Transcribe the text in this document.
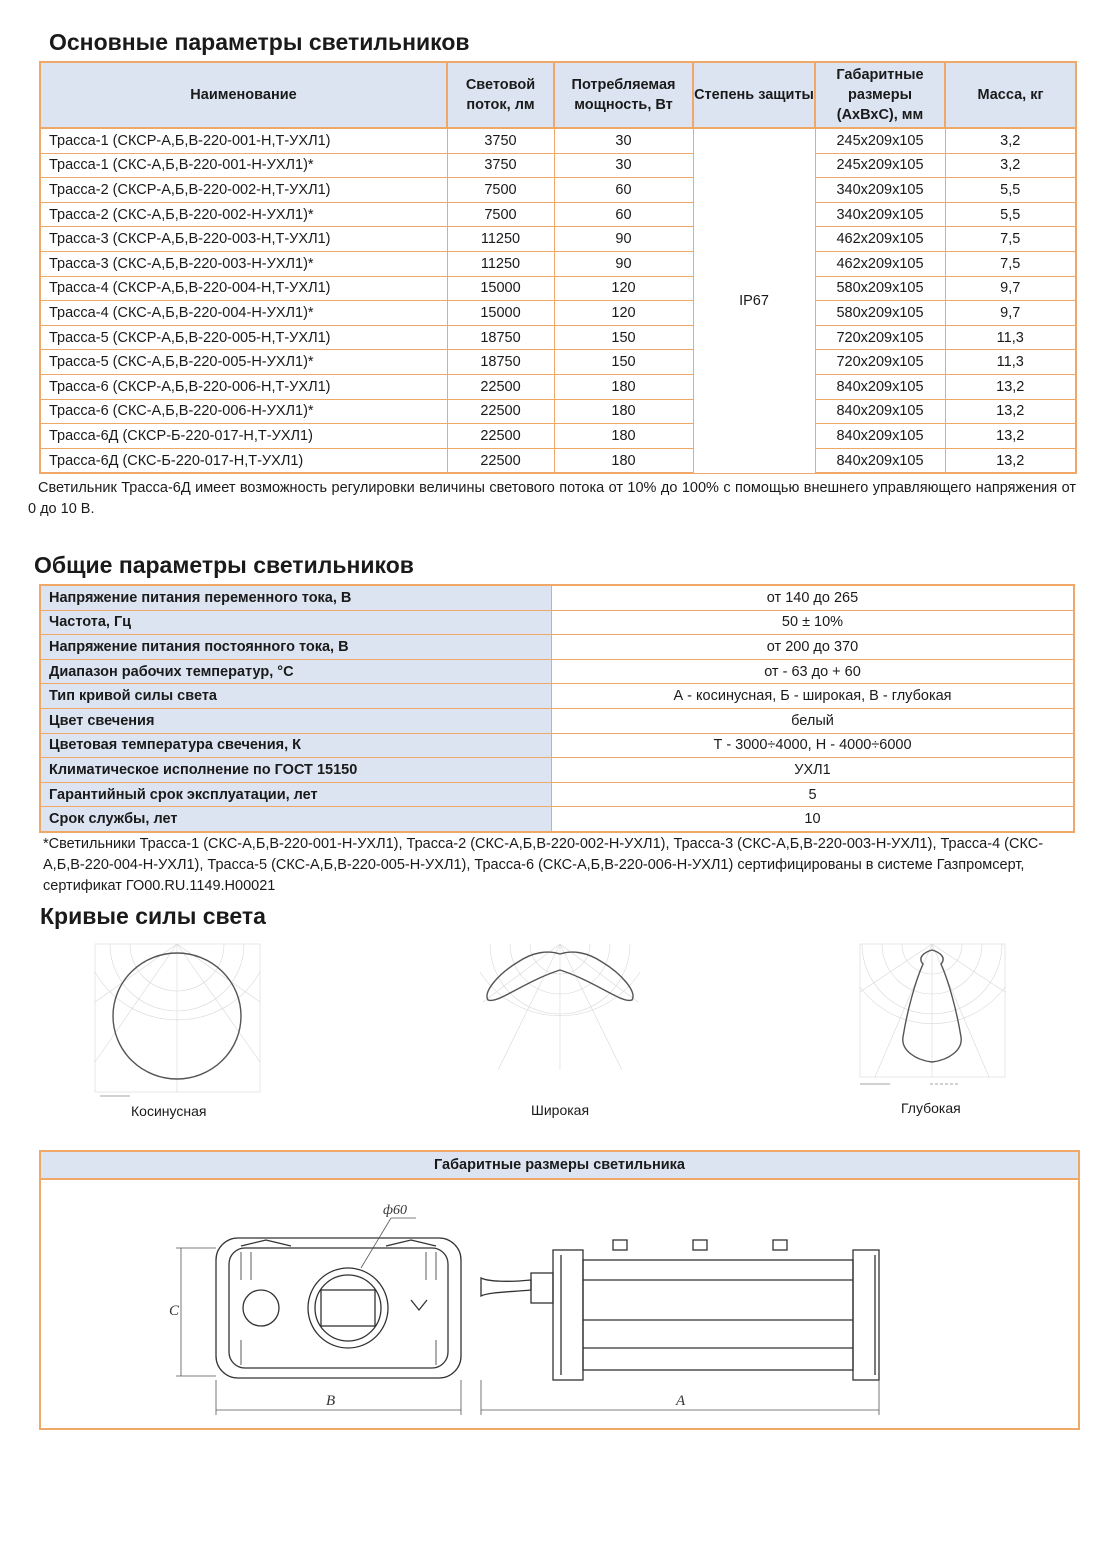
Основные параметры светильников
Наименование	Световой поток, лм	Потребляемая мощность, Вт	Степень защиты	Габаритные размеры (АхВхС), мм	Масса, кг
Трасса-1 (СКСР-А,Б,В-220-001-Н,Т-УХЛ1)	3750	30	IP67	245х209х105	3,2
Трасса-1 (СКС-А,Б,В-220-001-Н-УХЛ1)*	3750	30		245х209х105	3,2
Трасса-2 (СКСР-А,Б,В-220-002-Н,Т-УХЛ1)	7500	60		340х209х105	5,5
Трасса-2 (СКС-А,Б,В-220-002-Н-УХЛ1)*	7500	60		340х209х105	5,5
Трасса-3 (СКСР-А,Б,В-220-003-Н,Т-УХЛ1)	11250	90		462х209х105	7,5
Трасса-3 (СКС-А,Б,В-220-003-Н-УХЛ1)*	11250	90		462х209х105	7,5
Трасса-4 (СКСР-А,Б,В-220-004-Н,Т-УХЛ1)	15000	120		580х209х105	9,7
Трасса-4 (СКС-А,Б,В-220-004-Н-УХЛ1)*	15000	120		580х209х105	9,7
Трасса-5 (СКСР-А,Б,В-220-005-Н,Т-УХЛ1)	18750	150		720х209х105	11,3
Трасса-5 (СКС-А,Б,В-220-005-Н-УХЛ1)*	18750	150		720х209х105	11,3
Трасса-6 (СКСР-А,Б,В-220-006-Н,Т-УХЛ1)	22500	180		840х209х105	13,2
Трасса-6 (СКС-А,Б,В-220-006-Н-УХЛ1)*	22500	180		840х209х105	13,2
Трасса-6Д (СКСР-Б-220-017-Н,Т-УХЛ1)	22500	180		840х209х105	13,2
Трасса-6Д (СКС-Б-220-017-Н,Т-УХЛ1)	22500	180		840х209х105	13,2
Светильник Трасса-6Д имеет возможность регулировки величины светового потока от 10% до 100% с помощью внешнего управляющего напряжения от 0 до 10 В.
Общие параметры светильников
Напряжение питания переменного тока, В	от 140 до 265
Частота, Гц	50 ± 10%
Напряжение питания постоянного тока, В	от 200 до 370
Диапазон рабочих температур, °С	от - 63 до + 60
Тип кривой силы света	А - косинусная, Б - широкая, В - глубокая
Цвет свечения	белый
Цветовая температура свечения, К	Т - 3000÷4000, Н - 4000÷6000
Климатическое исполнение по ГОСТ 15150	УХЛ1
Гарантийный срок эксплуатации, лет	5
Срок службы, лет	10
*Светильники Трасса-1 (СКС-А,Б,В-220-001-Н-УХЛ1), Трасса-2 (СКС-А,Б,В-220-002-Н-УХЛ1), Трасса-3 (СКС-А,Б,В-220-003-Н-УХЛ1), Трасса-4 (СКС-А,Б,В-220-004-Н-УХЛ1), Трасса-5 (СКС-А,Б,В-220-005-Н-УХЛ1), Трасса-6 (СКС-А,Б,В-220-006-Н-УХЛ1) сертифицированы в системе Газпромсерт, сертификат ГО00.RU.1149.Н00021
Кривые силы света
Косинусная	Широкая	Глубокая
Габаритные размеры светильника
С
В
ф60
А
